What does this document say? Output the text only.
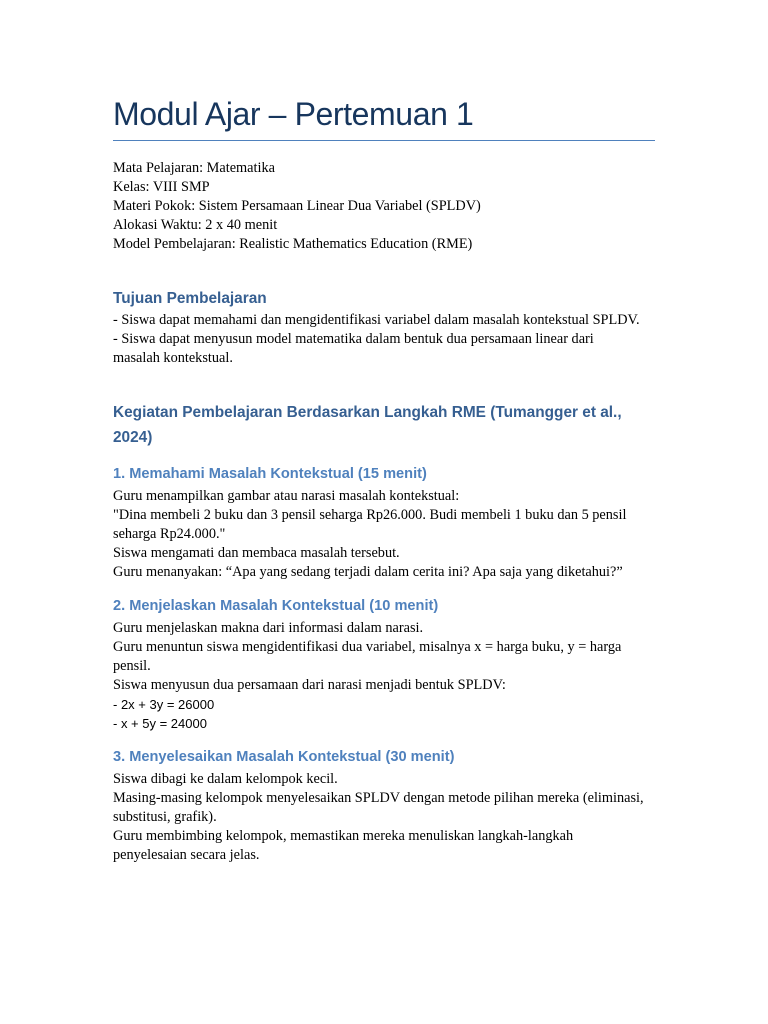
Modul Ajar – Pertemuan 1
Mata Pelajaran: Matematika
Kelas: VIII SMP
Materi Pokok: Sistem Persamaan Linear Dua Variabel (SPLDV)
Alokasi Waktu: 2 x 40 menit
Model Pembelajaran: Realistic Mathematics Education (RME)
Tujuan Pembelajaran

- Siswa dapat memahami dan mengidentifikasi variabel dalam masalah kontekstual SPLDV.

- Siswa dapat menyusun model matematika dalam bentuk dua persamaan linear dari
masalah kontekstual.

Kegiatan Pembelajaran Berdasarkan Langkah RME (Tumangger et al., 2024)
1. Memahami Masalah Kontekstual (15 menit)

Guru menampilkan gambar atau narasi masalah kontekstual:

"Dina membeli 2 buku dan 3 pensil seharga Rp26.000. Budi membeli 1 buku dan 5 pensil
seharga Rp24.000."

Siswa mengamati dan membaca masalah tersebut.

Guru menanyakan: “Apa yang sedang terjadi dalam cerita ini? Apa saja yang diketahui?”

2. Menjelaskan Masalah Kontekstual (10 menit)

Guru menjelaskan makna dari informasi dalam narasi.

Guru menuntun siswa mengidentifikasi dua variabel, misalnya x = harga buku, y = harga
pensil.

Siswa menyusun dua persamaan dari narasi menjadi bentuk SPLDV:

- 2x + 3y = 26000

- x + 5y = 24000

3. Menyelesaikan Masalah Kontekstual (30 menit)

Siswa dibagi ke dalam kelompok kecil.

Masing-masing kelompok menyelesaikan SPLDV dengan metode pilihan mereka (eliminasi,
substitusi, grafik).

Guru membimbing kelompok, memastikan mereka menuliskan langkah-langkah
penyelesaian secara jelas.
